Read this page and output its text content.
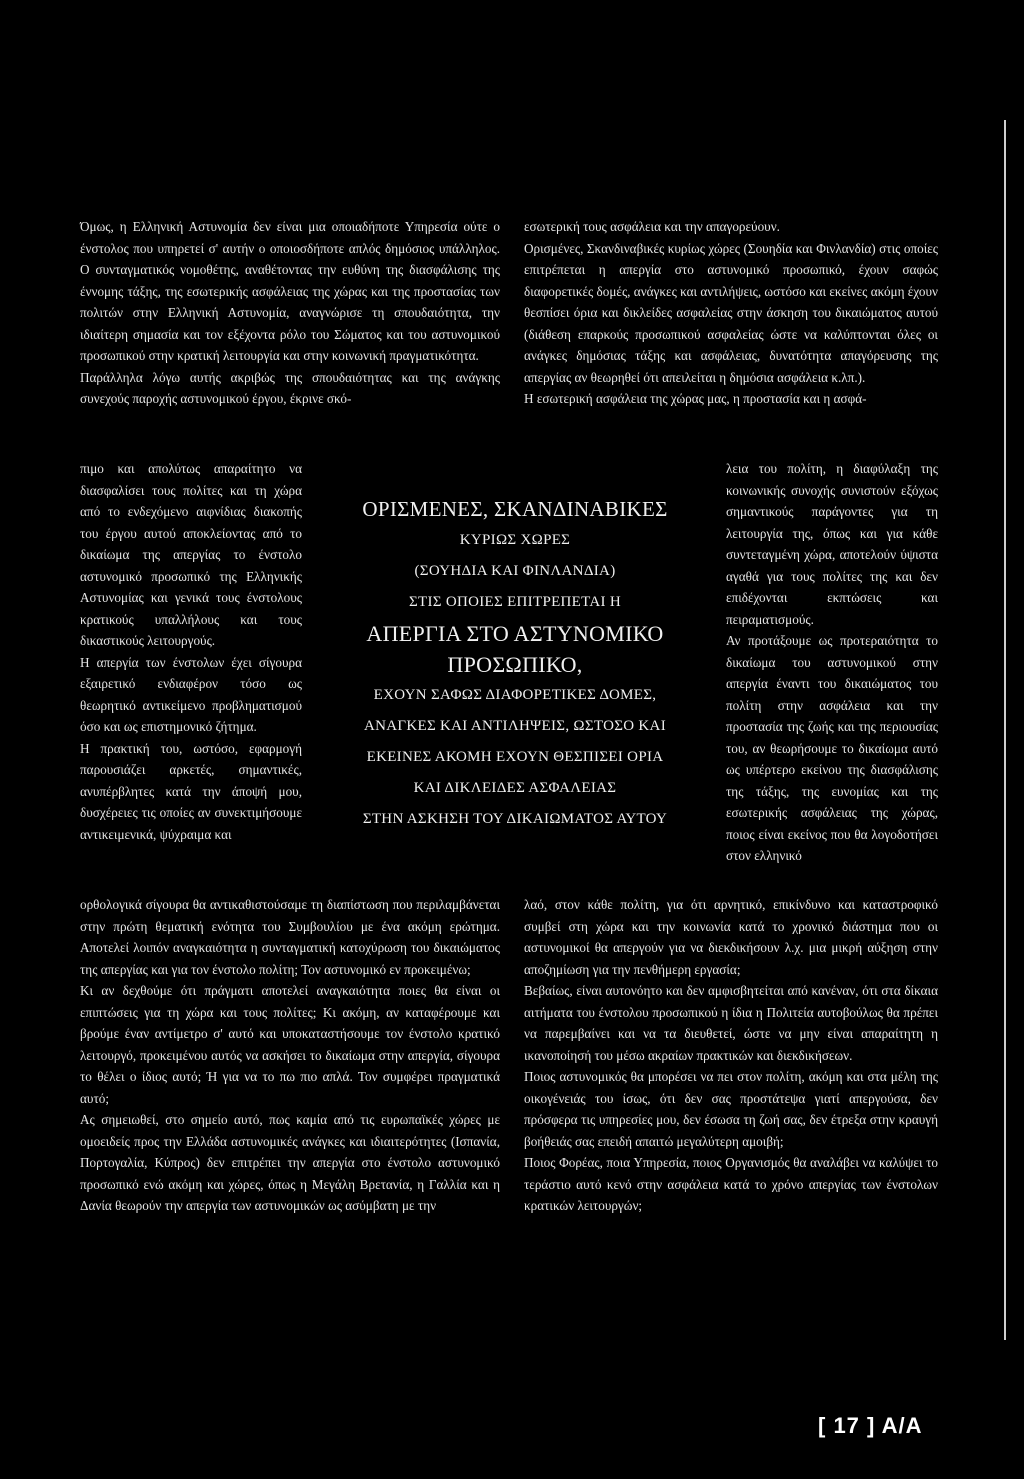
Όμως, η Ελληνική Αστυνομία δεν είναι μια οποιαδήποτε Υπηρεσία ούτε ο ένστολος που υπηρετεί σ' αυτήν ο οποιοσδήποτε απλός δημόσιος υπάλληλος. Ο συνταγματικός νομοθέτης, αναθέτοντας την ευθύνη της διασφάλισης της έννομης τάξης, της εσωτερικής ασφάλειας της χώρας και της προστασίας των πολιτών στην Ελληνική Αστυνομία, αναγνώρισε τη σπουδαιότητα, την ιδιαίτερη σημασία και τον εξέχοντα ρόλο του Σώματος και του αστυνομικού προσωπικού στην κρατική λειτουργία και στην κοινωνική πραγματικότητα.

Παράλληλα λόγω αυτής ακριβώς της σπουδαιότητας και της ανάγκης συνεχούς παροχής αστυνομικού έργου, έκρινε σκό-

πιμο και απολύτως απαραίτητο να διασφαλίσει τους πολίτες και τη χώρα από το ενδεχόμενο αιφνίδιας διακοπής του έργου αυτού αποκλείοντας από το δικαίωμα της απεργίας το ένστολο αστυνομικό προσωπικό της Ελληνικής Αστυνομίας και γενικά τους ένστολους κρατικούς υπαλλήλους και τους δικαστικούς λειτουργούς.

Η απεργία των ένστολων έχει σίγουρα εξαιρετικό ενδιαφέρον τόσο ως θεωρητικό αντικείμενο προβληματισμού όσο και ως επιστημονικό ζήτημα.

Η πρακτική του, ωστόσο, εφαρμογή παρουσιάζει αρκετές, σημαντικές, ανυπέρβλητες κατά την άποψή μου, δυσχέρειες τις οποίες αν συνεκτιμήσουμε αντικειμενικά, ψύχραιμα και

ορθολογικά σίγουρα θα αντικαθιστούσαμε τη διαπίστωση που περιλαμβάνεται στην πρώτη θεματική ενότητα του Συμβουλίου με ένα ακόμη ερώτημα. Αποτελεί λοιπόν αναγκαιότητα η συνταγματική κατοχύρωση του δικαιώματος της απεργίας και για τον ένστολο πολίτη; Τον αστυνομικό εν προκειμένω;

Κι αν δεχθούμε ότι πράγματι αποτελεί αναγκαιότητα ποιες θα είναι οι επιπτώσεις για τη χώρα και τους πολίτες; Κι ακόμη, αν καταφέρουμε και βρούμε έναν αντίμετρο σ' αυτό και υποκαταστήσουμε τον ένστολο κρατικό λειτουργό, προκειμένου αυτός να ασκήσει το δικαίωμα στην απεργία, σίγουρα το θέλει ο ίδιος αυτό; Ή για να το πω πιο απλά. Τον συμφέρει πραγματικά αυτό;

Ας σημειωθεί, στο σημείο αυτό, πως καμία από τις ευρωπαϊκές χώρες με ομοειδείς προς την Ελλάδα αστυνομικές ανάγκες και ιδιαιτερότητες (Ισπανία, Πορτογαλία, Κύπρος) δεν επιτρέπει την απεργία στο ένστολο αστυνομικό προσωπικό ενώ ακόμη και χώρες, όπως η Μεγάλη Βρετανία, η Γαλλία και η Δανία θεωρούν την απεργία των αστυνομικών ως ασύμβατη με την

εσωτερική τους ασφάλεια και την απαγορεύουν.

Ορισμένες, Σκανδιναβικές κυρίως χώρες (Σουηδία και Φινλανδία) στις οποίες επιτρέπεται η απεργία στο αστυνομικό προσωπικό, έχουν σαφώς διαφορετικές δομές, ανάγκες και αντιλήψεις, ωστόσο και εκείνες ακόμη έχουν θεσπίσει όρια και δικλείδες ασφαλείας στην άσκηση του δικαιώματος αυτού (διάθεση επαρκούς προσωπικού ασφαλείας ώστε να καλύπτονται όλες οι ανάγκες δημόσιας τάξης και ασφάλειας, δυνατότητα απαγόρευσης της απεργίας αν θεωρηθεί ότι απειλείται η δημόσια ασφάλεια κ.λπ.).

Η εσωτερική ασφάλεια της χώρας μας, η προστασία και η ασφά-

λεια του πολίτη, η διαφύλαξη της κοινωνικής συνοχής συνιστούν εξόχως σημαντικούς παράγοντες για τη λειτουργία της, όπως και για κάθε συντεταγμένη χώρα, αποτελούν ύψιστα αγαθά για τους πολίτες της και δεν επιδέχονται εκπτώσεις και πειραματισμούς.

Αν προτάξουμε ως προτεραιότητα το δικαίωμα του αστυνομικού στην απεργία έναντι του δικαιώματος του πολίτη στην ασφάλεια και την προστασία της ζωής και της περιουσίας του, αν θεωρήσουμε το δικαίωμα αυτό ως υπέρτερο εκείνου της διασφάλισης της τάξης, της ευνομίας και της εσωτερικής ασφάλειας της χώρας, ποιος είναι εκείνος που θα λογοδοτήσει στον ελληνικό

λαό, στον κάθε πολίτη, για ότι αρνητικό, επικίνδυνο και καταστροφικό συμβεί στη χώρα και την κοινωνία κατά το χρονικό διάστημα που οι αστυνομικοί θα απεργούν για να διεκδικήσουν λ.χ. μια μικρή αύξηση στην αποζημίωση για την πενθήμερη εργασία;

Βεβαίως, είναι αυτονόητο και δεν αμφισβητείται από κανέναν, ότι στα δίκαια αιτήματα του ένστολου προσωπικού η ίδια η Πολιτεία αυτοβούλως θα πρέπει να παρεμβαίνει και να τα διευθετεί, ώστε να μην είναι απαραίτητη η ικανοποίησή του μέσω ακραίων πρακτικών και διεκδικήσεων.

Ποιος αστυνομικός θα μπορέσει να πει στον πολίτη, ακόμη και στα μέλη της οικογένειάς του ίσως, ότι δεν σας προστάτεψα γιατί απεργούσα, δεν πρόσφερα τις υπηρεσίες μου, δεν έσωσα τη ζωή σας, δεν έτρεξα στην κραυγή βοήθειάς σας επειδή απαιτώ μεγαλύτερη αμοιβή;

Ποιος Φορέας, ποια Υπηρεσία, ποιος Οργανισμός θα αναλάβει να καλύψει το τεράστιο αυτό κενό στην ασφάλεια κατά το χρόνο απεργίας των ένστολων κρατικών λειτουργών;

ΟΡΙΣΜΕΝΕΣ, ΣΚΑΝΔΙΝΑΒΙΚΕΣ
ΚΥΡΙΩΣ ΧΩΡΕΣ
(ΣΟΥΗΔΙΑ ΚΑΙ ΦΙΝΛΑΝΔΙΑ)
ΣΤΙΣ ΟΠΟΙΕΣ ΕΠΙΤΡΕΠΕΤΑΙ Η
ΑΠΕΡΓΙΑ ΣΤΟ ΑΣΤΥΝΟΜΙΚΟ ΠΡΟΣΩΠΙΚΟ,
ΕΧΟΥΝ ΣΑΦΩΣ ΔΙΑΦΟΡΕΤΙΚΕΣ ΔΟΜΕΣ,
ΑΝΑΓΚΕΣ ΚΑΙ ΑΝΤΙΛΗΨΕΙΣ, ΩΣΤΟΣΟ ΚΑΙ
ΕΚΕΙΝΕΣ ΑΚΟΜΗ ΕΧΟΥΝ ΘΕΣΠΙΣΕΙ ΟΡΙΑ
ΚΑΙ ΔΙΚΛΕΙΔΕΣ ΑΣΦΑΛΕΙΑΣ
ΣΤΗΝ ΑΣΚΗΣΗ ΤΟΥ ΔΙΚΑΙΩΜΑΤΟΣ ΑΥΤΟΥ
[ 17 ] Α/Α
